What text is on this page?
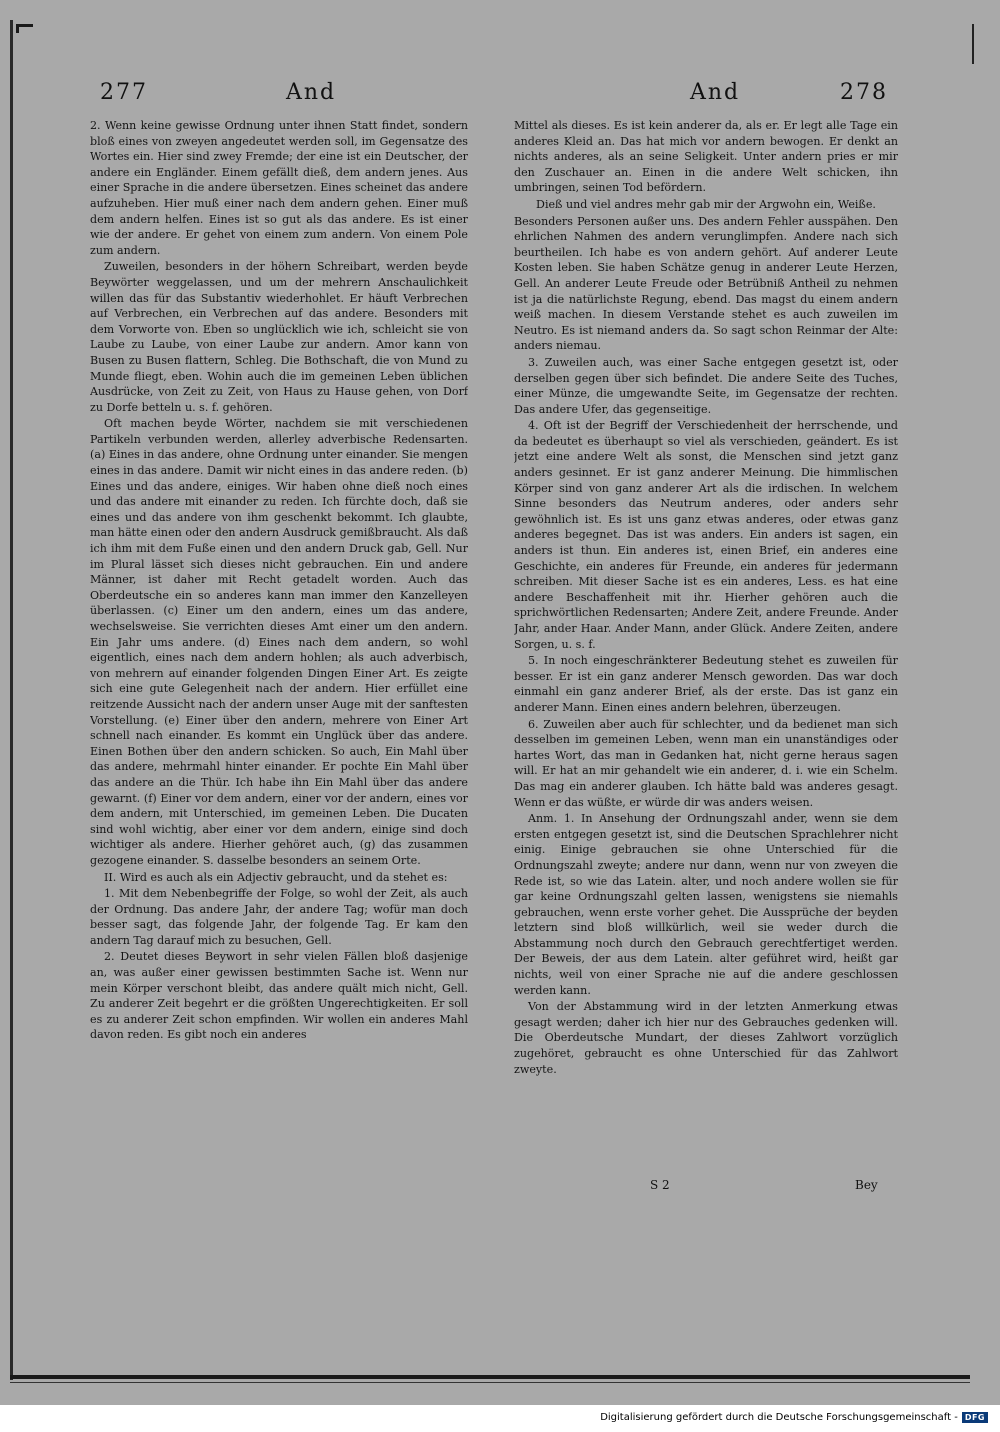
277	And	And	278

2. Wenn keine gewisse Ordnung unter ihnen Statt findet, sondern bloß eines von zweyen angedeutet werden soll, im Gegensatze des Wortes ein. Hier sind zwey Fremde; der eine ist ein Deutscher, der andere ein Engländer. Einem gefällt dieß, dem andern jenes. Aus einer Sprache in die andere übersetzen. Eines scheinet das andere aufzuheben. Hier muß einer nach dem andern gehen. Einer muß dem andern helfen. Eines ist so gut als das andere. Es ist einer wie der andere. Er gehet von einem zum andern. Von einem Pole zum andern.

Zuweilen, besonders in der höhern Schreibart, werden beyde Beywörter weggelassen, und um der mehrern Anschaulichkeit willen das für das Substantiv wiederhohlet. Er häuft Verbrechen auf Verbrechen, ein Verbrechen auf das andere. Besonders mit dem Vorworte von. Eben so unglücklich wie ich, schleicht sie von Laube zu Laube, von einer Laube zur andern. Amor kann von Busen zu Busen flattern, Schleg. Die Bothschaft, die von Mund zu Munde fliegt, eben. Wohin auch die im gemeinen Leben üblichen Ausdrücke, von Zeit zu Zeit, von Haus zu Hause gehen, von Dorf zu Dorfe betteln u. s. f. gehören.

Oft machen beyde Wörter, nachdem sie mit verschiedenen Partikeln verbunden werden, allerley adverbische Redensarten. (a) Eines in das andere, ohne Ordnung unter einander. Sie mengen eines in das andere. Damit wir nicht eines in das andere reden. (b) Eines und das andere, einiges. Wir haben ohne dieß noch eines und das andere mit einander zu reden. Ich fürchte doch, daß sie eines und das andere von ihm geschenkt bekommt. Ich glaubte, man hätte einen oder den andern Ausdruck gemißbraucht. Als daß ich ihm mit dem Fuße einen und den andern Druck gab, Gell. Nur im Plural lässet sich dieses nicht gebrauchen. Ein und andere Männer, ist daher mit Recht getadelt worden. Auch das Oberdeutsche ein so anderes kann man immer den Kanzelleyen überlassen. (c) Einer um den andern, eines um das andere, wechselsweise. Sie verrichten dieses Amt einer um den andern. Ein Jahr ums andere. (d) Eines nach dem andern, so wohl eigentlich, eines nach dem andern hohlen; als auch adverbisch, von mehrern auf einander folgenden Dingen Einer Art. Es zeigte sich eine gute Gelegenheit nach der andern. Hier erfüllet eine reitzende Aussicht nach der andern unser Auge mit der sanftesten Vorstellung. (e) Einer über den andern, mehrere von Einer Art schnell nach einander. Es kommt ein Unglück über das andere. Einen Bothen über den andern schicken. So auch, Ein Mahl über das andere, mehrmahl hinter einander. Er pochte Ein Mahl über das andere an die Thür. Ich habe ihn Ein Mahl über das andere gewarnt. (f) Einer vor dem andern, einer vor der andern, eines vor dem andern, mit Unterschied, im gemeinen Leben. Die Ducaten sind wohl wichtig, aber einer vor dem andern, einige sind doch wichtiger als andere. Hierher gehöret auch, (g) das zusammen gezogene einander. S. dasselbe besonders an seinem Orte.

II. Wird es auch als ein Adjectiv gebraucht, und da stehet es:

1. Mit dem Nebenbegriffe der Folge, so wohl der Zeit, als auch der Ordnung. Das andere Jahr, der andere Tag; wofür man doch besser sagt, das folgende Jahr, der folgende Tag. Er kam den andern Tag darauf mich zu besuchen, Gell.

2. Deutet dieses Beywort in sehr vielen Fällen bloß dasjenige an, was außer einer gewissen bestimmten Sache ist. Wenn nur mein Körper verschont bleibt, das andere quält mich nicht, Gell. Zu anderer Zeit begehrt er die größten Ungerechtigkeiten. Er soll es zu anderer Zeit schon empfinden. Wir wollen ein anderes Mahl davon reden. Es gibt noch ein anderes

Mittel als dieses. Es ist kein anderer da, als er. Er legt alle Tage ein anderes Kleid an. Das hat mich vor andern bewogen. Er denkt an nichts anderes, als an seine Seligkeit. Unter andern pries er mir den Zuschauer an. Einen in die andere Welt schicken, ihn umbringen, seinen Tod befördern.

Dieß und viel andres mehr gab mir der Argwohn ein, Weiße.

Besonders Personen außer uns. Des andern Fehler ausspähen. Den ehrlichen Nahmen des andern verunglimpfen. Andere nach sich beurtheilen. Ich habe es von andern gehört. Auf anderer Leute Kosten leben. Sie haben Schätze genug in anderer Leute Herzen, Gell. An anderer Leute Freude oder Betrübniß Antheil zu nehmen ist ja die natürlichste Regung, ebend. Das magst du einem andern weiß machen. In diesem Verstande stehet es auch zuweilen im Neutro. Es ist niemand anders da. So sagt schon Reinmar der Alte: anders niemau.

3. Zuweilen auch, was einer Sache entgegen gesetzt ist, oder derselben gegen über sich befindet. Die andere Seite des Tuches, einer Münze, die umgewandte Seite, im Gegensatze der rechten. Das andere Ufer, das gegenseitige.

4. Oft ist der Begriff der Verschiedenheit der herrschende, und da bedeutet es überhaupt so viel als verschieden, geändert. Es ist jetzt eine andere Welt als sonst, die Menschen sind jetzt ganz anders gesinnet. Er ist ganz anderer Meinung. Die himmlischen Körper sind von ganz anderer Art als die irdischen. In welchem Sinne besonders das Neutrum anderes, oder anders sehr gewöhnlich ist. Es ist uns ganz etwas anderes, oder etwas ganz anderes begegnet. Das ist was anders. Ein anders ist sagen, ein anders ist thun. Ein anderes ist, einen Brief, ein anderes eine Geschichte, ein anderes für Freunde, ein anderes für jedermann schreiben. Mit dieser Sache ist es ein anderes, Less. es hat eine andere Beschaffenheit mit ihr. Hierher gehören auch die sprichwörtlichen Redensarten; Andere Zeit, andere Freunde. Ander Jahr, ander Haar. Ander Mann, ander Glück. Andere Zeiten, andere Sorgen, u. s. f.

5. In noch eingeschränkterer Bedeutung stehet es zuweilen für besser. Er ist ein ganz anderer Mensch geworden. Das war doch einmahl ein ganz anderer Brief, als der erste. Das ist ganz ein anderer Mann. Einen eines andern belehren, überzeugen.

6. Zuweilen aber auch für schlechter, und da bedienet man sich desselben im gemeinen Leben, wenn man ein unanständiges oder hartes Wort, das man in Gedanken hat, nicht gerne heraus sagen will. Er hat an mir gehandelt wie ein anderer, d. i. wie ein Schelm. Das mag ein anderer glauben. Ich hätte bald was anderes gesagt. Wenn er das wüßte, er würde dir was anders weisen.

Anm. 1. In Ansehung der Ordnungszahl ander, wenn sie dem ersten entgegen gesetzt ist, sind die Deutschen Sprachlehrer nicht einig. Einige gebrauchen sie ohne Unterschied für die Ordnungszahl zweyte; andere nur dann, wenn nur von zweyen die Rede ist, so wie das Latein. alter, und noch andere wollen sie für gar keine Ordnungszahl gelten lassen, wenigstens sie niemahls gebrauchen, wenn erste vorher gehet. Die Aussprüche der beyden letztern sind bloß willkürlich, weil sie weder durch die Abstammung noch durch den Gebrauch gerechtfertiget werden. Der Beweis, der aus dem Latein. alter geführet wird, heißt gar nichts, weil von einer Sprache nie auf die andere geschlossen werden kann.

Von der Abstammung wird in der letzten Anmerkung etwas gesagt werden; daher ich hier nur des Gebrauches gedenken will. Die Oberdeutsche Mundart, der dieses Zahlwort vorzüglich zugehöret, gebraucht es ohne Unterschied für das Zahlwort zweyte.

S 2	Bey
Digitalisierung gefördert durch die Deutsche Forschungsgemeinschaft - DFG
